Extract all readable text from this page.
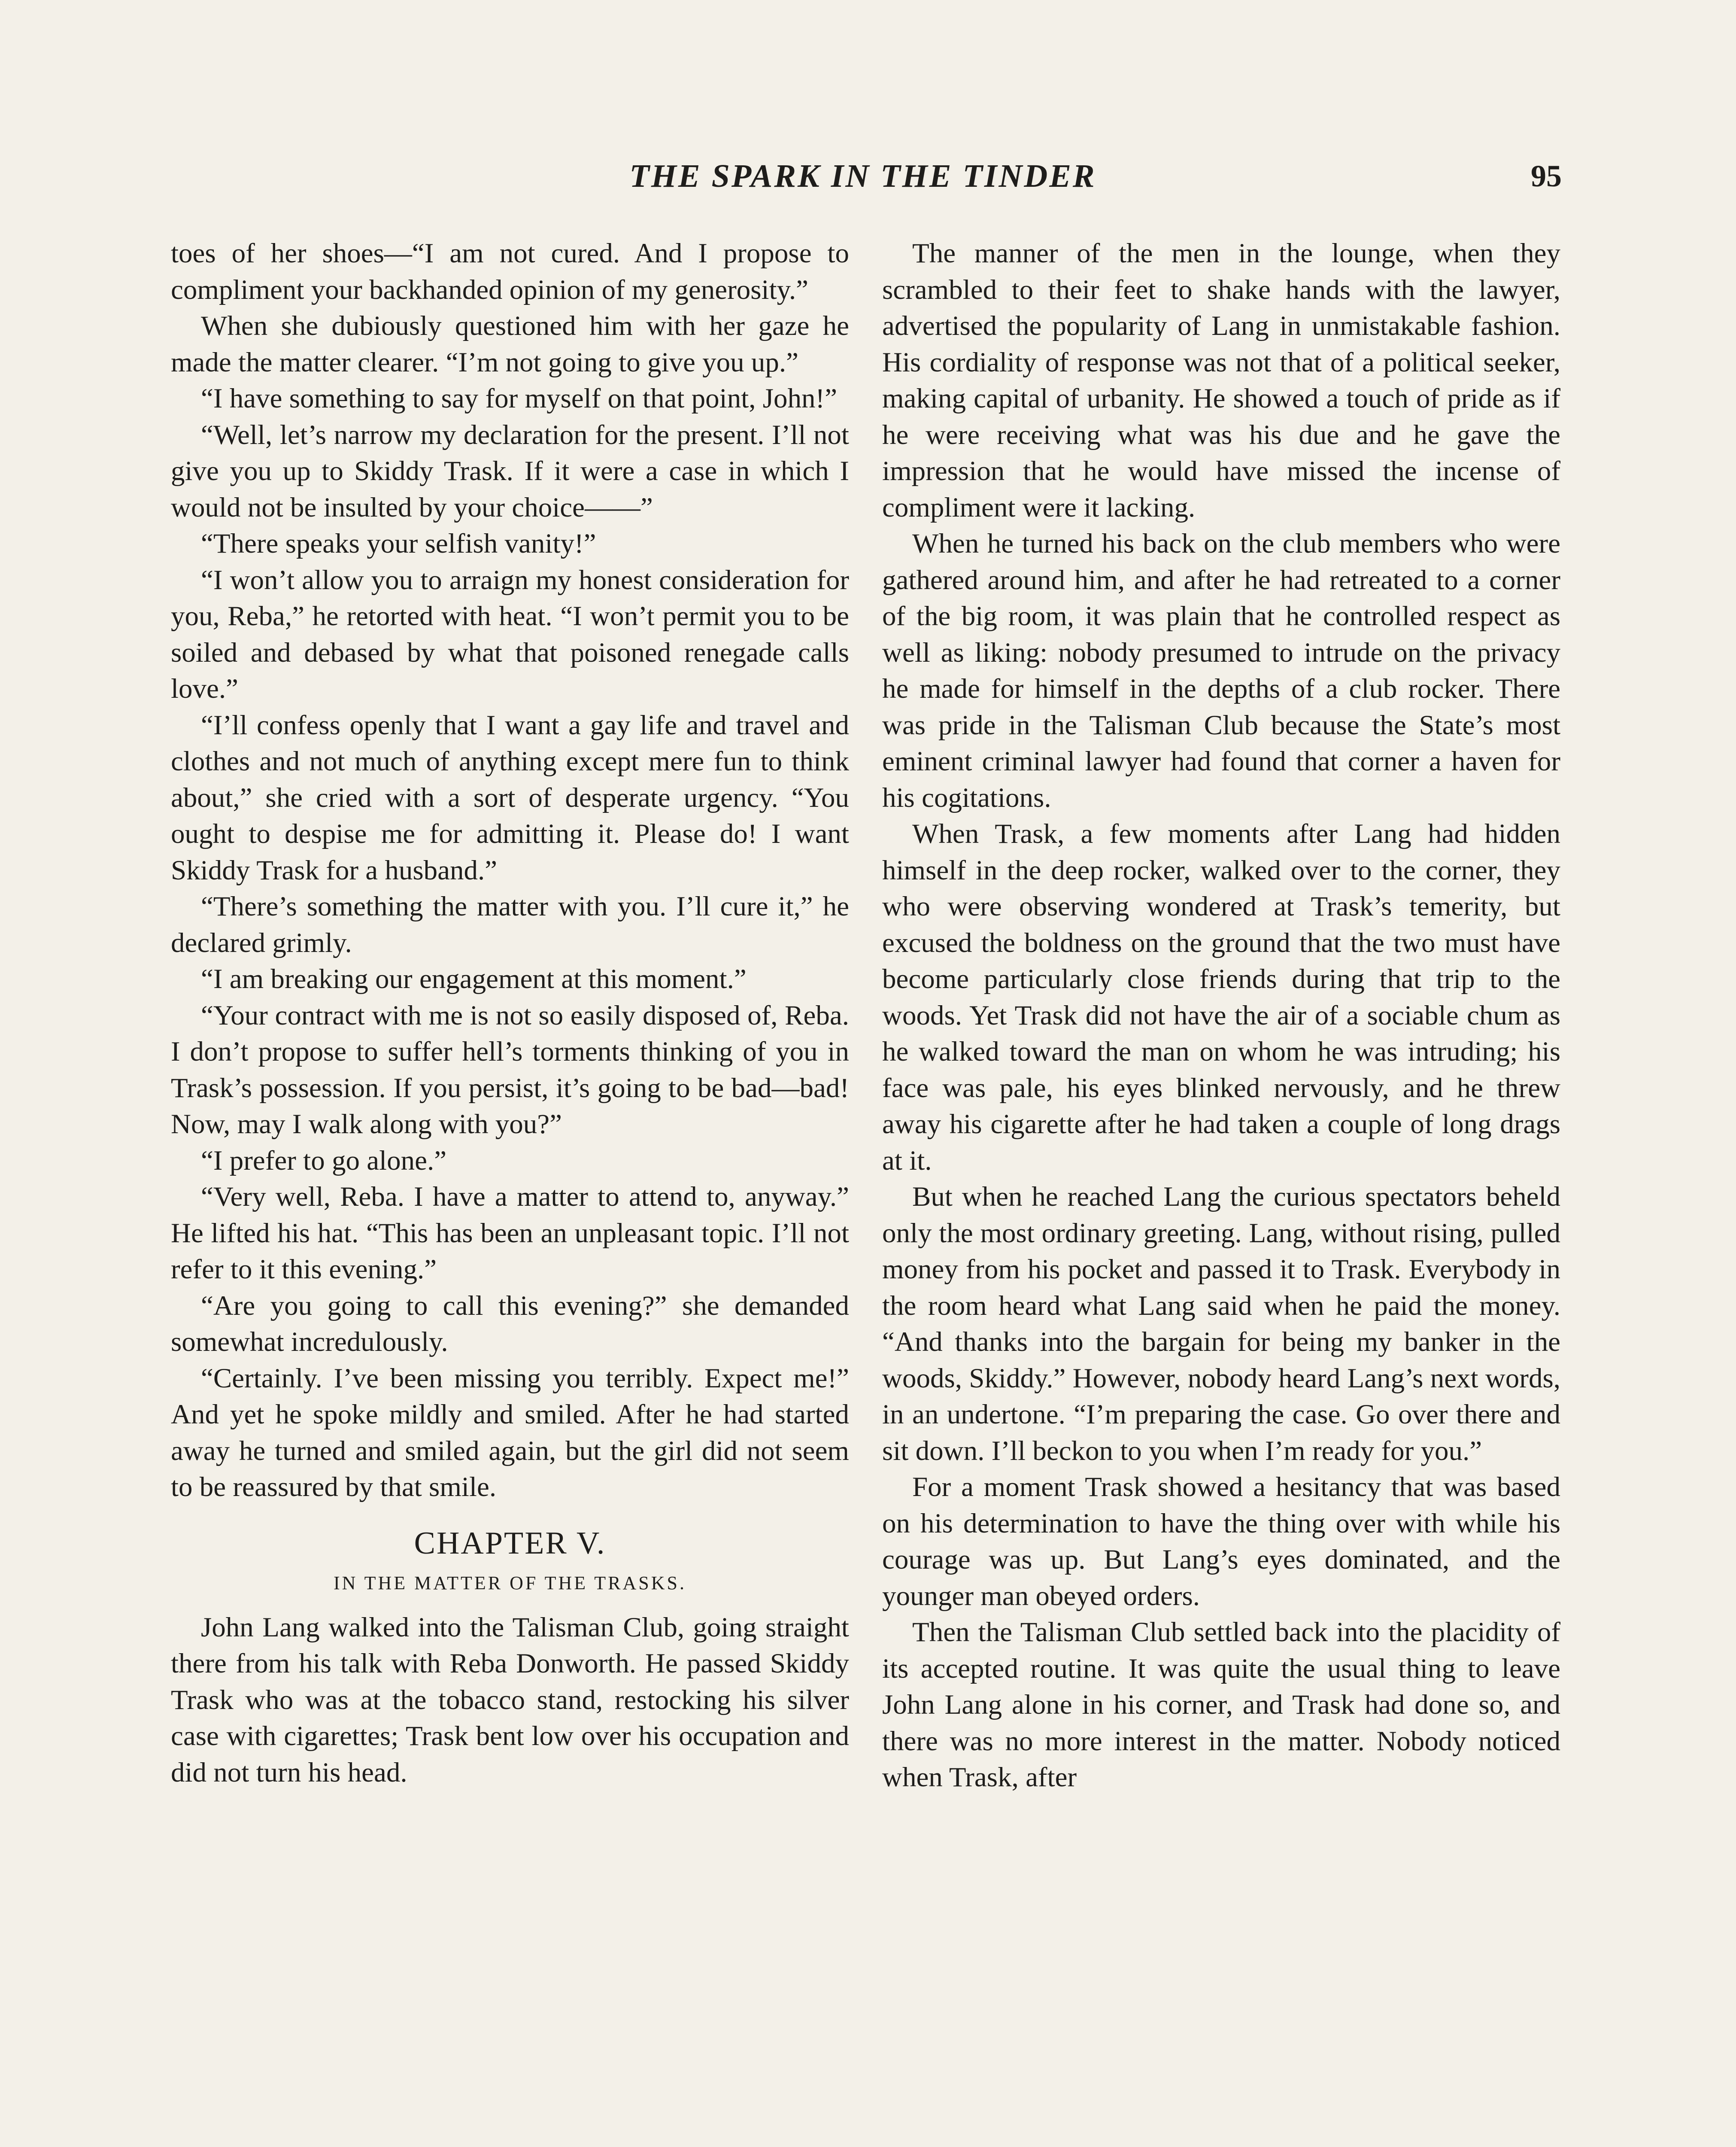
THE SPARK IN THE TINDER	95

toes of her shoes—“I am not cured. And I propose to compliment your backhanded opinion of my generosity.”

When she dubiously questioned him with her gaze he made the matter clearer. “I’m not going to give you up.”

“I have something to say for myself on that point, John!”

“Well, let’s narrow my declaration for the present. I’ll not give you up to Skiddy Trask. If it were a case in which I would not be insulted by your choice——”

“There speaks your selfish vanity!”

“I won’t allow you to arraign my honest consideration for you, Reba,” he retorted with heat. “I won’t permit you to be soiled and debased by what that poisoned renegade calls love.”

“I’ll confess openly that I want a gay life and travel and clothes and not much of anything except mere fun to think about,” she cried with a sort of desperate urgency. “You ought to despise me for admitting it. Please do! I want Skiddy Trask for a husband.”

“There’s something the matter with you. I’ll cure it,” he declared grimly.

“I am breaking our engagement at this moment.”

“Your contract with me is not so easily disposed of, Reba. I don’t propose to suffer hell’s torments thinking of you in Trask’s possession. If you persist, it’s going to be bad—bad! Now, may I walk along with you?”

“I prefer to go alone.”

“Very well, Reba. I have a matter to attend to, anyway.” He lifted his hat. “This has been an unpleasant topic. I’ll not refer to it this evening.”

“Are you going to call this evening?” she demanded somewhat incredulously.

“Certainly. I’ve been missing you terribly. Expect me!” And yet he spoke mildly and smiled. After he had started away he turned and smiled again, but the girl did not seem to be reassured by that smile.

CHAPTER V.
IN THE MATTER OF THE TRASKS.

John Lang walked into the Talisman Club, going straight there from his talk with Reba Donworth. He passed Skiddy Trask who was at the tobacco stand, restocking his silver case with cigarettes; Trask bent low over his occupation and did not turn his head.

The manner of the men in the lounge, when they scrambled to their feet to shake hands with the lawyer, advertised the popularity of Lang in unmistakable fashion. His cordiality of response was not that of a political seeker, making capital of urbanity. He showed a touch of pride as if he were receiving what was his due and he gave the impression that he would have missed the incense of compliment were it lacking.

When he turned his back on the club members who were gathered around him, and after he had retreated to a corner of the big room, it was plain that he controlled respect as well as liking: nobody presumed to intrude on the privacy he made for himself in the depths of a club rocker. There was pride in the Talisman Club because the State’s most eminent criminal lawyer had found that corner a haven for his cogitations.

When Trask, a few moments after Lang had hidden himself in the deep rocker, walked over to the corner, they who were observing wondered at Trask’s temerity, but excused the boldness on the ground that the two must have become particularly close friends during that trip to the woods. Yet Trask did not have the air of a sociable chum as he walked toward the man on whom he was intruding; his face was pale, his eyes blinked nervously, and he threw away his cigarette after he had taken a couple of long drags at it.

But when he reached Lang the curious spectators beheld only the most ordinary greeting. Lang, without rising, pulled money from his pocket and passed it to Trask. Everybody in the room heard what Lang said when he paid the money. “And thanks into the bargain for being my banker in the woods, Skiddy.” However, nobody heard Lang’s next words, in an undertone. “I’m preparing the case. Go over there and sit down. I’ll beckon to you when I’m ready for you.”

For a moment Trask showed a hesitancy that was based on his determination to have the thing over with while his courage was up. But Lang’s eyes dominated, and the younger man obeyed orders.

Then the Talisman Club settled back into the placidity of its accepted routine. It was quite the usual thing to leave John Lang alone in his corner, and Trask had done so, and there was no more interest in the matter. Nobody noticed when Trask, after
